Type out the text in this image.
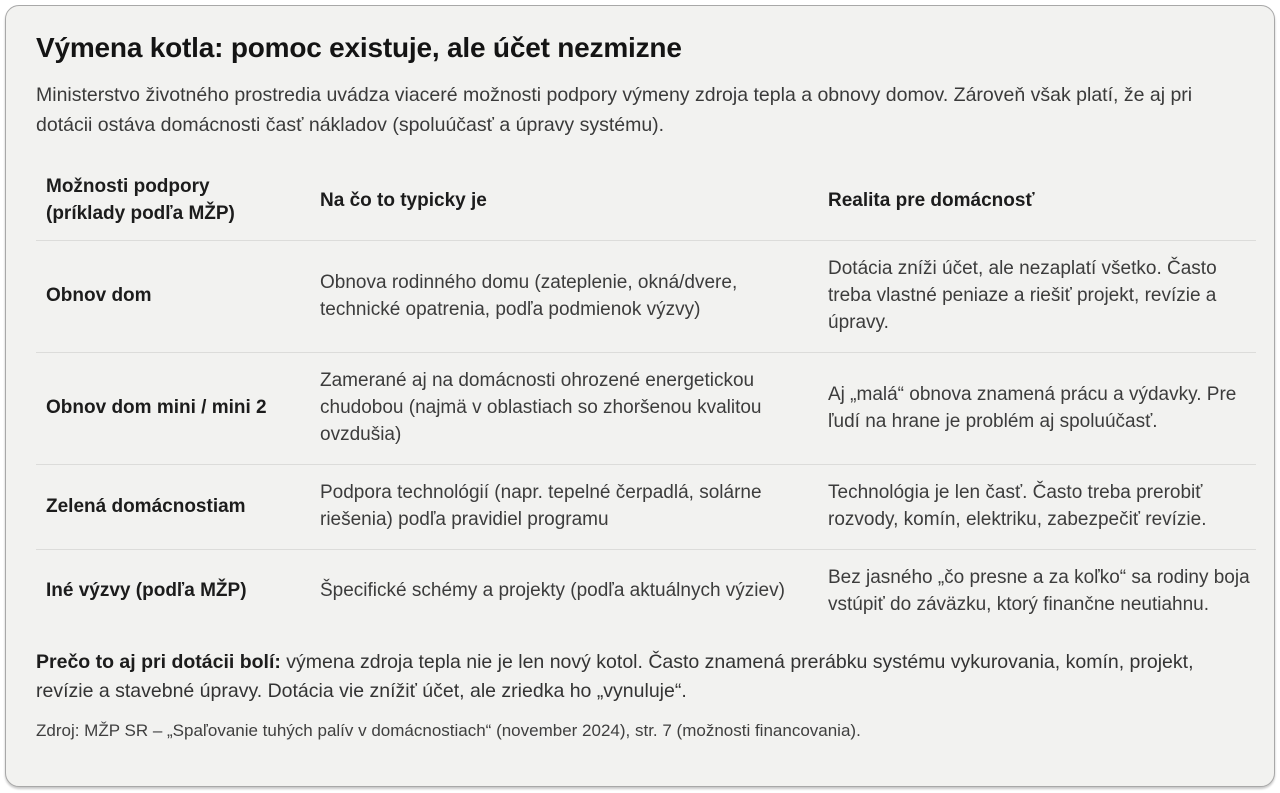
Výmena kotla: pomoc existuje, ale účet nezmizne

Ministerstvo životného prostredia uvádza viaceré možnosti podpory výmeny zdroja tepla a obnovy domov. Zároveň však platí, že aj pri dotácii ostáva domácnosti časť nákladov (spoluúčasť a úpravy systému).

Možnosti podpory (príklady podľa MŽP)
Na čo to typicky je	Realita pre domácnosť
Obnov dom
Obnova rodinného domu (zateplenie, okná/dvere, technické opatrenia, podľa podmienok výzvy)
Dotácia zníži účet, ale nezaplatí všetko. Často treba vlastné peniaze a riešiť projekt, revízie a úpravy.
Obnov dom mini / mini 2
Zamerané aj na domácnosti ohrozené energetickou chudobou (najmä v oblastiach so zhoršenou kvalitou ovzdušia)
Aj „malá“ obnova znamená prácu a výdavky. Pre ľudí na hrane je problém aj spoluúčasť.
Zelená domácnostiam
Podpora technológií (napr. tepelné čerpadlá, solárne riešenia) podľa pravidiel programu
Technológia je len časť. Často treba prerobiť rozvody, komín, elektriku, zabezpečiť revízie.
Iné výzvy (podľa MŽP)	Špecifické schémy a projekty (podľa aktuálnych výziev)
Bez jasného „čo presne a za koľko“ sa rodiny boja vstúpiť do záväzku, ktorý finančne neutiahnu.

Prečo to aj pri dotácii bolí: výmena zdroja tepla nie je len nový kotol. Často znamená prerábku systému vykurovania, komín, projekt, revízie a stavebné úpravy. Dotácia vie znížiť účet, ale zriedka ho „vynuluje“.

Zdroj: MŽP SR – „Spaľovanie tuhých palív v domácnostiach“ (november 2024), str. 7 (možnosti financovania).
